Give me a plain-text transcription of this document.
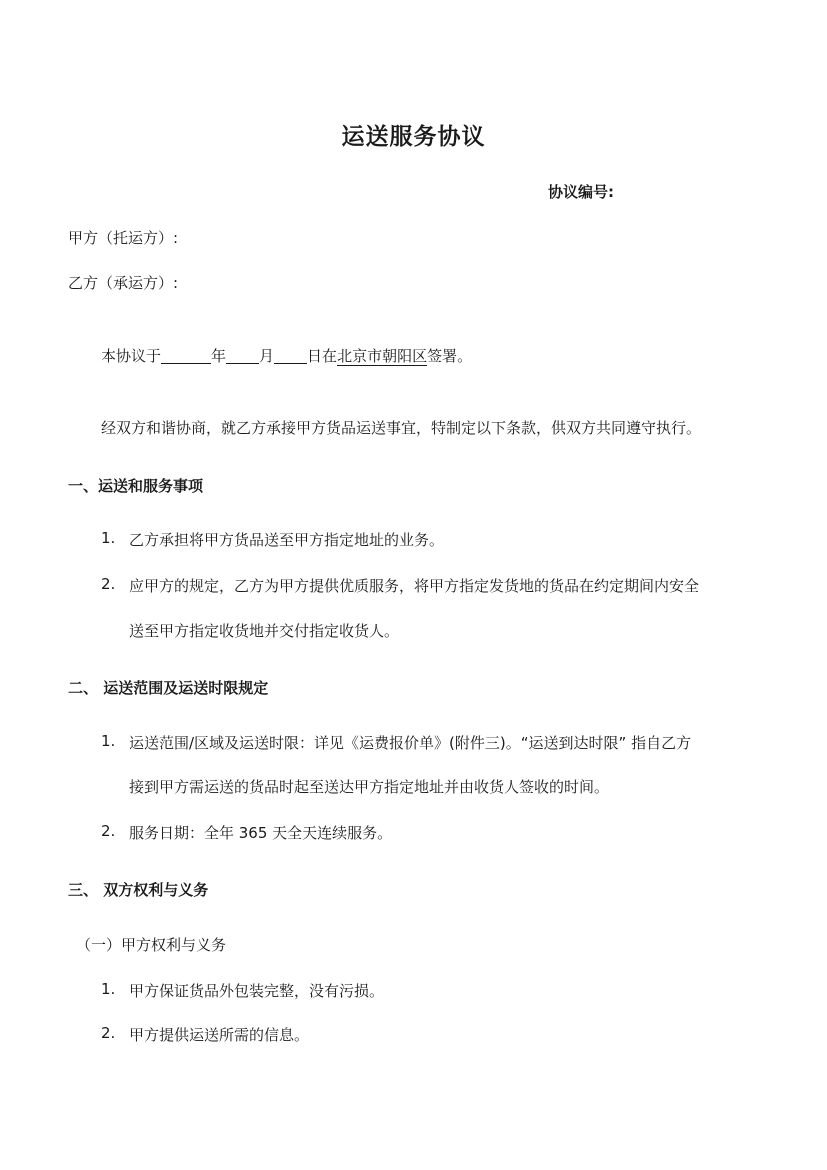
运送服务协议
协议编号:
甲方（托运方）:
乙方（承运方）:
本协议于	年 月 日在北京市朝阳区签署。
经双方和谐协商，就乙方承接甲方货品运送事宜，特制定以下条款，供双方共同遵守执行。
一、运送和服务事项
1. 乙方承担将甲方货品送至甲方指定地址的业务。
2. 应甲方的规定，乙方为甲方提供优质服务，将甲方指定发货地的货品在约定期间内安全
送至甲方指定收货地并交付指定收货人。
二、 运送范围及运送时限规定
1. 运送范围/区域及运送时限：详见《运费报价单》(附件三)。“运送到达时限” 指自乙方
接到甲方需运送的货品时起至送达甲方指定地址并由收货人签收的时间。
2. 服务日期：全年 365 天全天连续服务。
三、 双方权利与义务
（一）甲方权利与义务
1. 甲方保证货品外包装完整，没有污损。
2. 甲方提供运送所需的信息。
